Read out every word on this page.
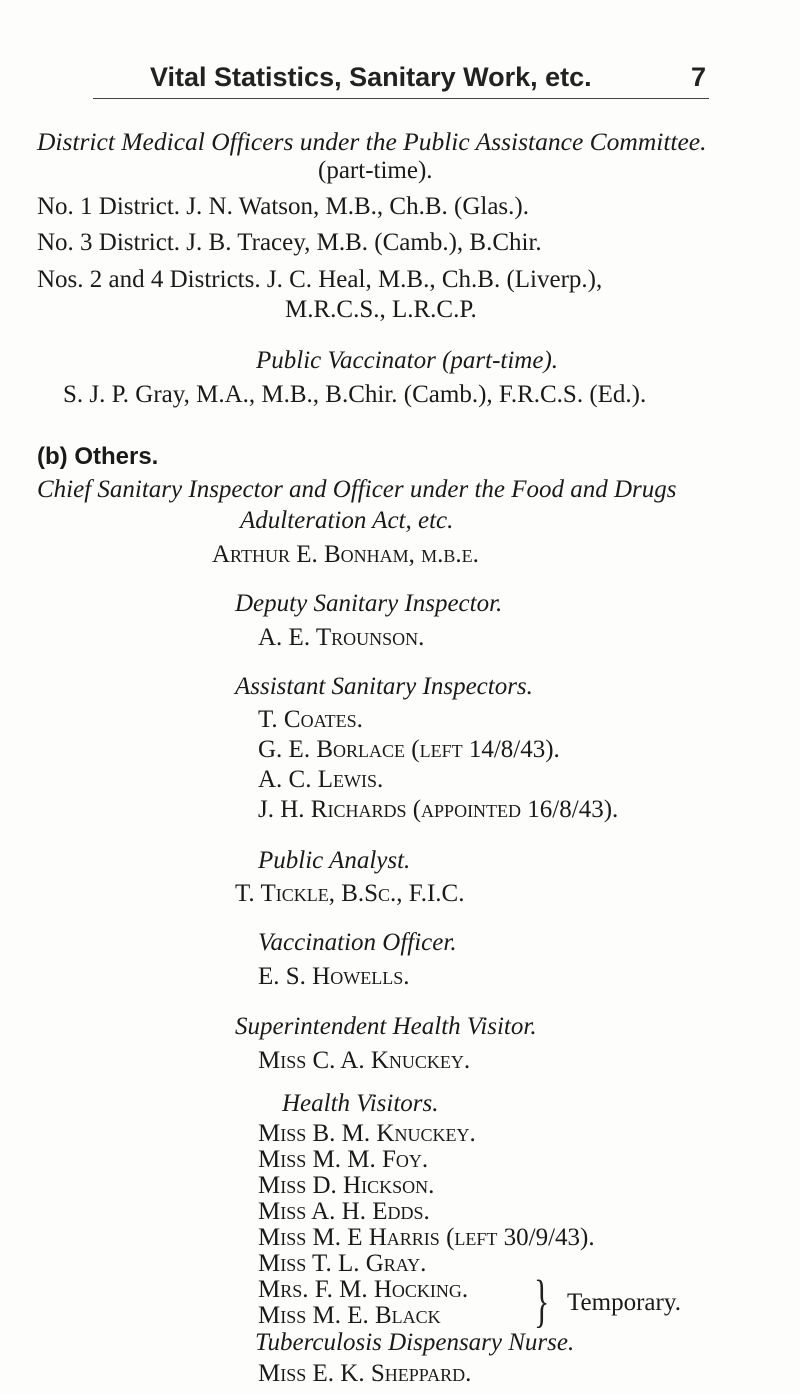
Vital Statistics, Sanitary Work, etc.	7
District Medical Officers under the Public Assistance Committee.
(part-time).
No. 1 District. J. N. Watson, M.B., Ch.B. (Glas.).
No. 3 District. J. B. Tracey, M.B. (Camb.), B.Chir.
Nos. 2 and 4 Districts. J. C. Heal, M.B., Ch.B. (Liverp.),
M.R.C.S., L.R.C.P.
Public Vaccinator (part-time).
S. J. P. Gray, M.A., M.B., B.Chir. (Camb.), F.R.C.S. (Ed.).
(b) Others.
Chief Sanitary Inspector and Officer under the Food and Drugs
Adulteration Act, etc.
Arthur E. Bonham, m.b.e.
Deputy Sanitary Inspector.
A. E. Trounson.
Assistant Sanitary Inspectors.
T. Coates.
G. E. Borlace (left 14/8/43).
A. C. Lewis.
J. H. Richards (appointed 16/8/43).
Public Analyst.
T. Tickle, B.Sc., F.I.C.
Vaccination Officer.
E. S. Howells.
Superintendent Health Visitor.
Miss C. A. Knuckey.
Health Visitors.
Miss B. M. Knuckey.
Miss M. M. Foy.
Miss D. Hickson.
Miss A. H. Edds.
Miss M. E Harris (left 30/9/43).
Miss T. L. Gray.
Mrs. F. M. Hocking.
Miss M. E. Black } Temporary.
Tuberculosis Dispensary Nurse.
Miss E. K. Sheppard.
